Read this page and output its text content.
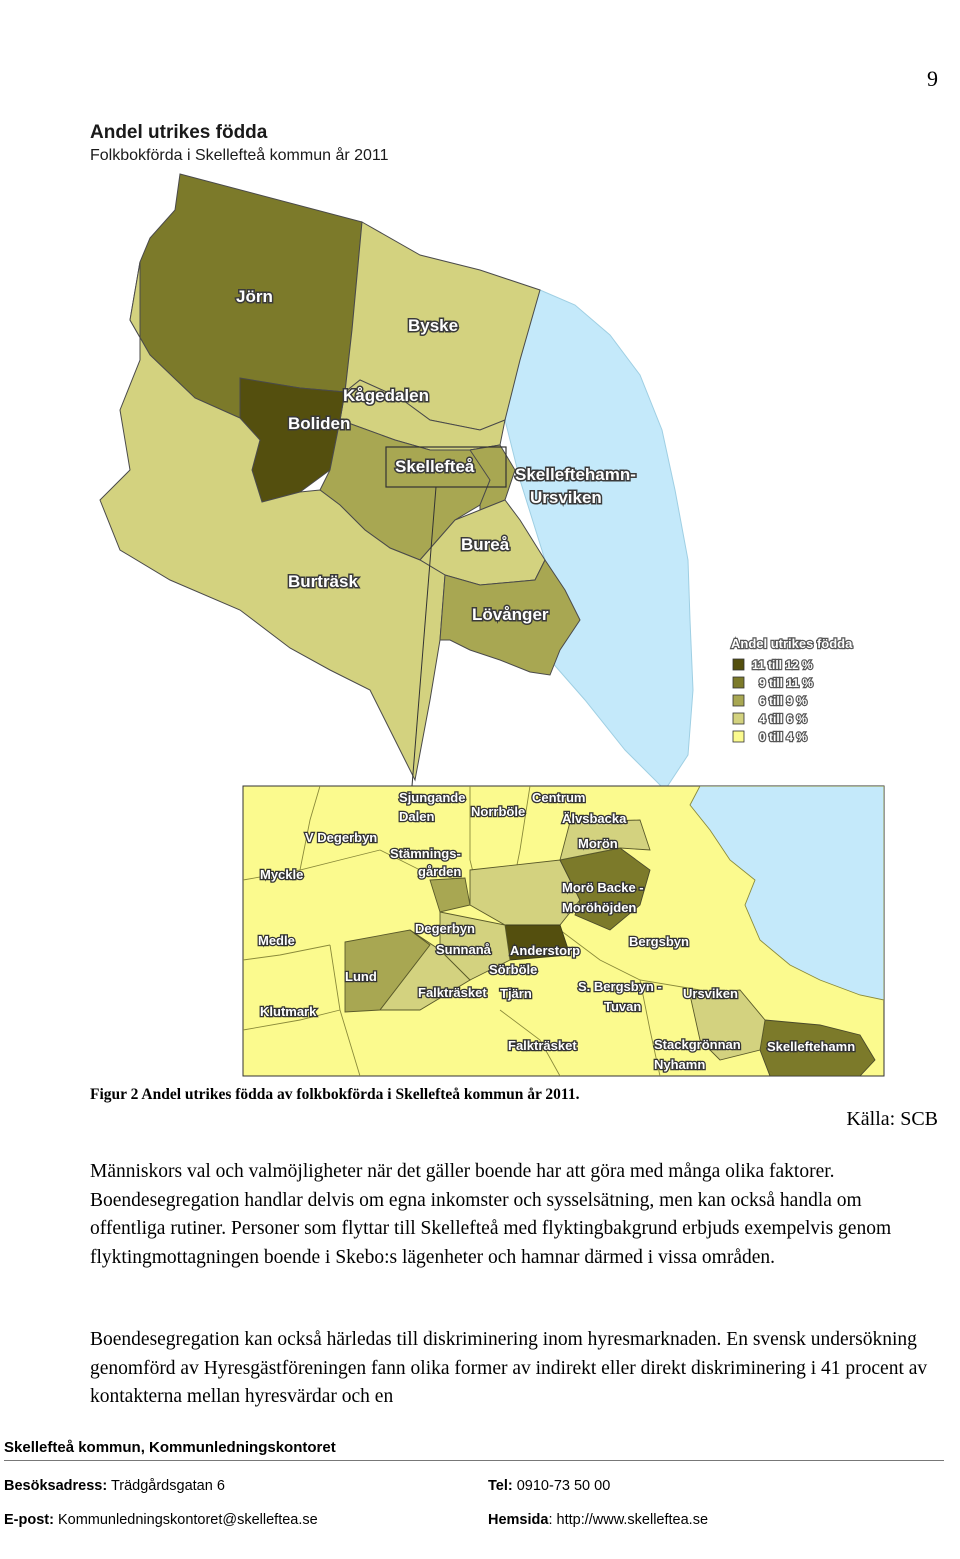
9
Andel utrikes födda
Folkbokförda i Skellefteå kommun år 2011
Jörn
Byske
Kågedalen
Boliden
Skellefteå Skelleftehamn-
Ursviken
Bureå
Burträsk
Lövånger
Andel utrikes födda
11 till 12 %
9 till 11 %
6 till 9 %
4 till 6 %
0 till 4 %
Sjungande
Dalen	Norrböle
Centrum
Älvsbacka
V Degerbyn
Stämnings-
gården
Morön
Myckle
Morö Backe -
Moröhöjden
Degerbyn
Sunnanå Anderstorp
Bergsbyn
Medle
Sörböle
Lund
Falkträsket Tjärn	S. Bergsbyn -
Tuvan
Ursviken
Klutmark
Falkträsket	Stackgrönnan Skelleftehamn
Nyhamn
Figur 2 Andel utrikes födda av folkbokförda i Skellefteå kommun år 2011.
Källa: SCB
Människors val och valmöjligheter när det gäller boende har att göra med många olika faktorer. Boendesegregation handlar delvis om egna inkomster och sysselsätning, men kan också handla om offentliga rutiner. Personer som flyttar till Skellefteå med flyktingbakgrund erbjuds exempelvis genom flyktingmottagningen boende i Skebo:s lägenheter och hamnar därmed i vissa områden.
Boendesegregation kan också härledas till diskriminering inom hyresmarknaden. En svensk undersökning genomförd av Hyresgästföreningen fann olika former av indirekt eller direkt diskriminering i 41 procent av kontakterna mellan hyresvärdar och en
Skellefteå kommun, Kommunledningskontoret
Besöksadress: Trädgårdsgatan 6	Tel: 0910-73 50 00
E-post: Kommunledningskontoret@skelleftea.se	Hemsida: http://www.skelleftea.se
